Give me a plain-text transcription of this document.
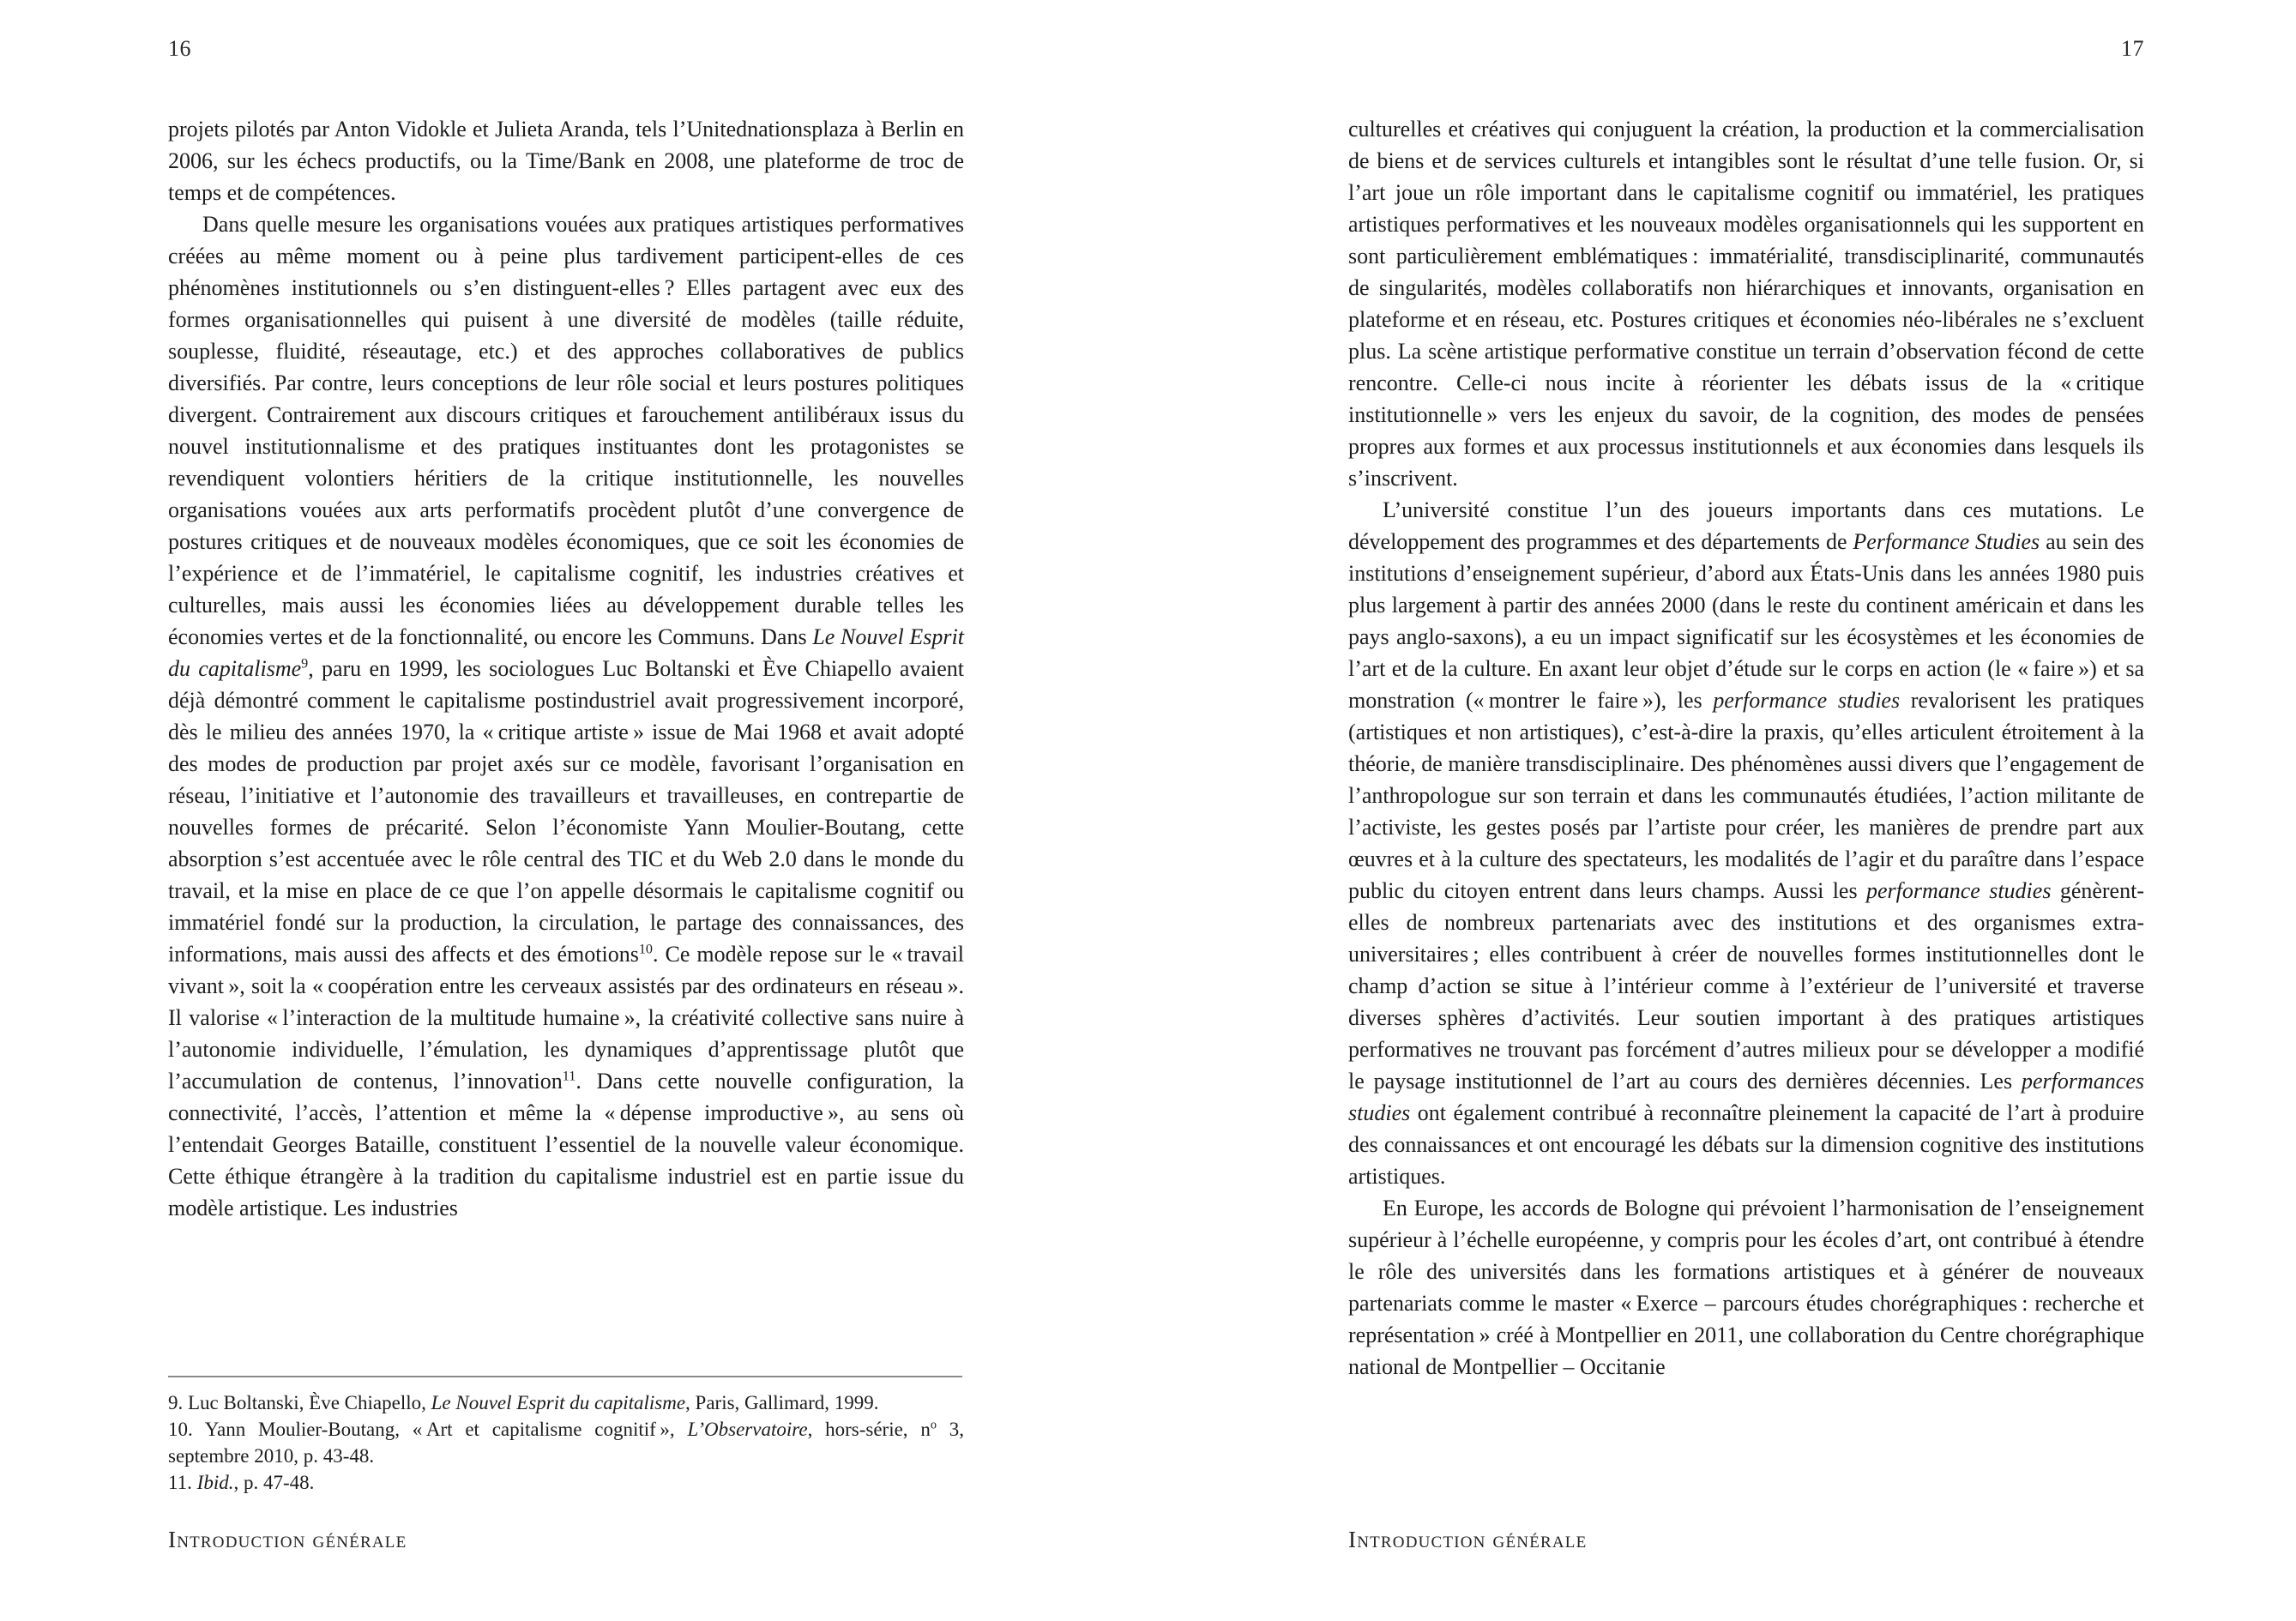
16

projets pilotés par Anton Vidokle et Julieta Aranda, tels l’Unitednationsplaza à Berlin en 2006, sur les échecs productifs, ou la Time/Bank en 2008, une plateforme de troc de temps et de compétences.

Dans quelle mesure les organisations vouées aux pratiques artistiques performatives créées au même moment ou à peine plus tardivement participent-elles de ces phénomènes institutionnels ou s’en distinguent-elles ? Elles partagent avec eux des formes organisationnelles qui puisent à une diversité de modèles (taille réduite, souplesse, fluidité, réseautage, etc.) et des approches collaboratives de publics diversifiés. Par contre, leurs conceptions de leur rôle social et leurs postures politiques divergent. Contrairement aux discours critiques et farouchement antilibéraux issus du nouvel institutionnalisme et des pratiques instituantes dont les protagonistes se revendiquent volontiers héritiers de la critique institutionnelle, les nouvelles organisations vouées aux arts performatifs procèdent plutôt d’une convergence de postures critiques et de nouveaux modèles économiques, que ce soit les économies de l’expérience et de l’immatériel, le capitalisme cognitif, les industries créatives et culturelles, mais aussi les économies liées au développement durable telles les économies vertes et de la fonctionnalité, ou encore les Communs. Dans Le Nouvel Esprit du capitalisme$^9$, paru en 1999, les sociologues Luc Boltanski et Ève Chiapello avaient déjà démontré comment le capitalisme postindustriel avait progressivement incorporé, dès le milieu des années 1970, la « critique artiste » issue de Mai 1968 et avait adopté des modes de production par projet axés sur ce modèle, favorisant l’organisation en réseau, l’initiative et l’autonomie des travailleurs et travailleuses, en contrepartie de nouvelles formes de précarité. Selon l’économiste Yann Moulier-Boutang, cette absorption s’est accentuée avec le rôle central des TIC et du Web 2.0 dans le monde du travail, et la mise en place de ce que l’on appelle désormais le capitalisme cognitif ou immatériel fondé sur la production, la circulation, le partage des connaissances, des informations, mais aussi des affects et des émotions$^{10}$. Ce modèle repose sur le « travail vivant », soit la « coopération entre les cerveaux assistés par des ordinateurs en réseau ». Il valorise « l’interaction de la multitude humaine », la créativité collective sans nuire à l’autonomie individuelle, l’émulation, les dynamiques d’apprentissage plutôt que l’accumulation de contenus, l’innovation$^{11}$. Dans cette nouvelle configuration, la connectivité, l’accès, l’attention et même la « dépense improductive », au sens où l’entendait Georges Bataille, constituent l’essentiel de la nouvelle valeur économique. Cette éthique étrangère à la tradition du capitalisme industriel est en partie issue du modèle artistique. Les industries

9. Luc Boltanski, Ève Chiapello, Le Nouvel Esprit du capitalisme, Paris, Gallimard, 1999.

10. Yann Moulier-Boutang, « Art et capitalisme cognitif », L’Observatoire, hors-série, $n^o$ 3, septembre 2010, p. 43-48.

11. Ibid., p. 47-48.

Introduction générale
17

culturelles et créatives qui conjuguent la création, la production et la commercialisation de biens et de services culturels et intangibles sont le résultat d’une telle fusion. Or, si l’art joue un rôle important dans le capitalisme cognitif ou immatériel, les pratiques artistiques performatives et les nouveaux modèles organisationnels qui les supportent en sont particulièrement emblématiques : immatérialité, transdisciplinarité, communautés de singularités, modèles collaboratifs non hiérarchiques et innovants, organisation en plateforme et en réseau, etc. Postures critiques et économies néo-libérales ne s’excluent plus. La scène artistique performative constitue un terrain d’observation fécond de cette rencontre. Celle-ci nous incite à réorienter les débats issus de la « critique institutionnelle » vers les enjeux du savoir, de la cognition, des modes de pensées propres aux formes et aux processus institutionnels et aux économies dans lesquels ils s’inscrivent.

L’université constitue l’un des joueurs importants dans ces mutations. Le développement des programmes et des départements de Performance Studies au sein des institutions d’enseignement supérieur, d’abord aux États-Unis dans les années 1980 puis plus largement à partir des années 2000 (dans le reste du continent américain et dans les pays anglo-saxons), a eu un impact significatif sur les écosystèmes et les économies de l’art et de la culture. En axant leur objet d’étude sur le corps en action (le « faire ») et sa monstration (« montrer le faire »), les performance studies revalorisent les pratiques (artistiques et non artistiques), c’est-à-dire la praxis, qu’elles articulent étroitement à la théorie, de manière transdisciplinaire. Des phénomènes aussi divers que l’engagement de l’anthropologue sur son terrain et dans les communautés étudiées, l’action militante de l’activiste, les gestes posés par l’artiste pour créer, les manières de prendre part aux œuvres et à la culture des spectateurs, les modalités de l’agir et du paraître dans l’espace public du citoyen entrent dans leurs champs. Aussi les performance studies génèrent-elles de nombreux partenariats avec des institutions et des organismes extra-universitaires ; elles contribuent à créer de nouvelles formes institutionnelles dont le champ d’action se situe à l’intérieur comme à l’extérieur de l’université et traverse diverses sphères d’activités. Leur soutien important à des pratiques artistiques performatives ne trouvant pas forcément d’autres milieux pour se développer a modifié le paysage institutionnel de l’art au cours des dernières décennies. Les performances studies ont également contribué à reconnaître pleinement la capacité de l’art à produire des connaissances et ont encouragé les débats sur la dimension cognitive des institutions artistiques.

En Europe, les accords de Bologne qui prévoient l’harmonisation de l’enseignement supérieur à l’échelle européenne, y compris pour les écoles d’art, ont contribué à étendre le rôle des universités dans les formations artistiques et à générer de nouveaux partenariats comme le master « Exerce – parcours études chorégraphiques : recherche et représentation » créé à Montpellier en 2011, une collaboration du Centre chorégraphique national de Montpellier – Occitanie

Introduction générale
